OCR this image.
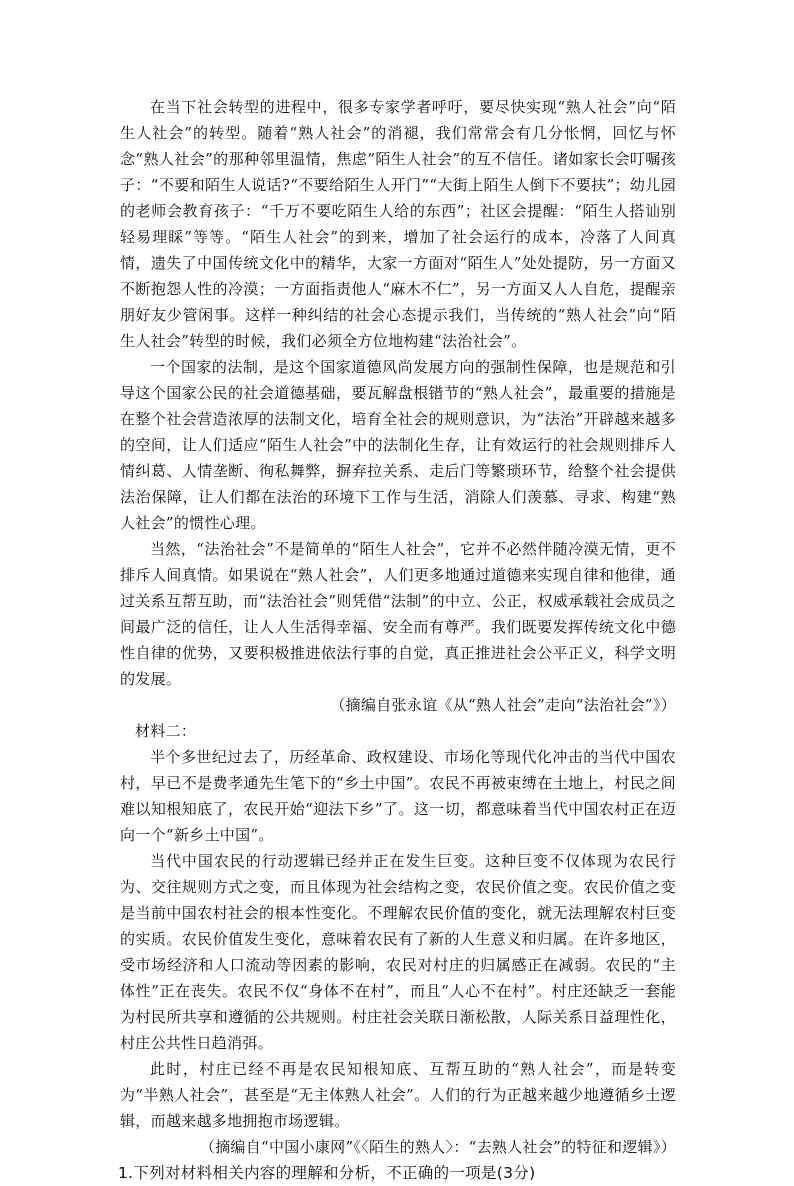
在当下社会转型的进程中，很多专家学者呼吁，要尽快实现“熟人社会”向“陌生人社会”的转型。随着“熟人社会”的消褪，我们常常会有几分怅惘，回忆与怀念“熟人社会”的那种邻里温情，焦虑“陌生人社会”的互不信任。诸如家长会叮嘱孩子：“不要和陌生人说话?“不要给陌生人开门”“大街上陌生人倒下不要扶”；幼儿园的老师会教育孩子：“千万不要吃陌生人给的东西”；社区会提醒：“陌生人搭讪别轻易理睬”等等。“陌生人社会”的到来，增加了社会运行的成本，冷落了人间真情，遗失了中国传统文化中的精华，大家一方面对“陌生人”处处提防，另一方面又不断抱怨人性的冷漠；一方面指责他人“麻木不仁”，另一方面又人人自危，提醒亲朋好友少管闲事。这样一种纠结的社会心态提示我们，当传统的“熟人社会”向“陌生人社会”转型的时候，我们必须全方位地构建“法治社会”。

一个国家的法制，是这个国家道德风尚发展方向的强制性保障，也是规范和引导这个国家公民的社会道德基础，要瓦解盘根错节的“熟人社会”，最重要的措施是在整个社会营造浓厚的法制文化，培育全社会的规则意识，为“法治”开辟越来越多的空间，让人们适应“陌生人社会”中的法制化生存，让有效运行的社会规则排斥人情纠葛、人情垄断、徇私舞弊，摒弃拉关系、走后门等繁琐环节，给整个社会提供法治保障，让人们都在法治的环境下工作与生活，消除人们羡慕、寻求、构建“熟人社会”的惯性心理。

当然，“法治社会”不是简单的“陌生人社会”，它并不必然伴随冷漠无情，更不排斥人间真情。如果说在“熟人社会”，人们更多地通过道德来实现自律和他律，通过关系互帮互助，而“法治社会”则凭借“法制”的中立、公正，权威承载社会成员之间最广泛的信任，让人人生活得幸福、安全而有尊严。我们既要发挥传统文化中德性自律的优势，又要积极推进依法行事的自觉，真正推进社会公平正义，科学文明的发展。

（摘编自张永谊《从“熟人社会”走向“法治社会”》）

材料二：

半个多世纪过去了，历经革命、政权建设、市场化等现代化冲击的当代中国农村，早已不是费孝通先生笔下的“乡土中国”。农民不再被束缚在土地上，村民之间难以知根知底了，农民开始“迎法下乡”了。这一切，都意味着当代中国农村正在迈向一个“新乡土中国”。

当代中国农民的行动逻辑已经并正在发生巨变。这种巨变不仅体现为农民行为、交往规则方式之变，而且体现为社会结构之变，农民价值之变。农民价值之变是当前中国农村社会的根本性变化。不理解农民价值的变化，就无法理解农村巨变的实质。农民价值发生变化，意味着农民有了新的人生意义和归属。在许多地区，受市场经济和人口流动等因素的影响，农民对村庄的归属感正在减弱。农民的“主体性”正在丧失。农民不仅“身体不在村”，而且“人心不在村”。村庄还缺乏一套能为村民所共享和遵循的公共规则。村庄社会关联日渐松散，人际关系日益理性化，村庄公共性日趋消弭。

此时，村庄已经不再是农民知根知底、互帮互助的“熟人社会”，而是转变为“半熟人社会”，甚至是“无主体熟人社会”。人们的行为正越来越少地遵循乡土逻辑，而越来越多地拥抱市场逻辑。

（摘编自“中国小康网”《〈陌生的熟人〉：“去熟人社会”的特征和逻辑》）

1.下列对材料相关内容的理解和分析，不正确的一项是(3分)
